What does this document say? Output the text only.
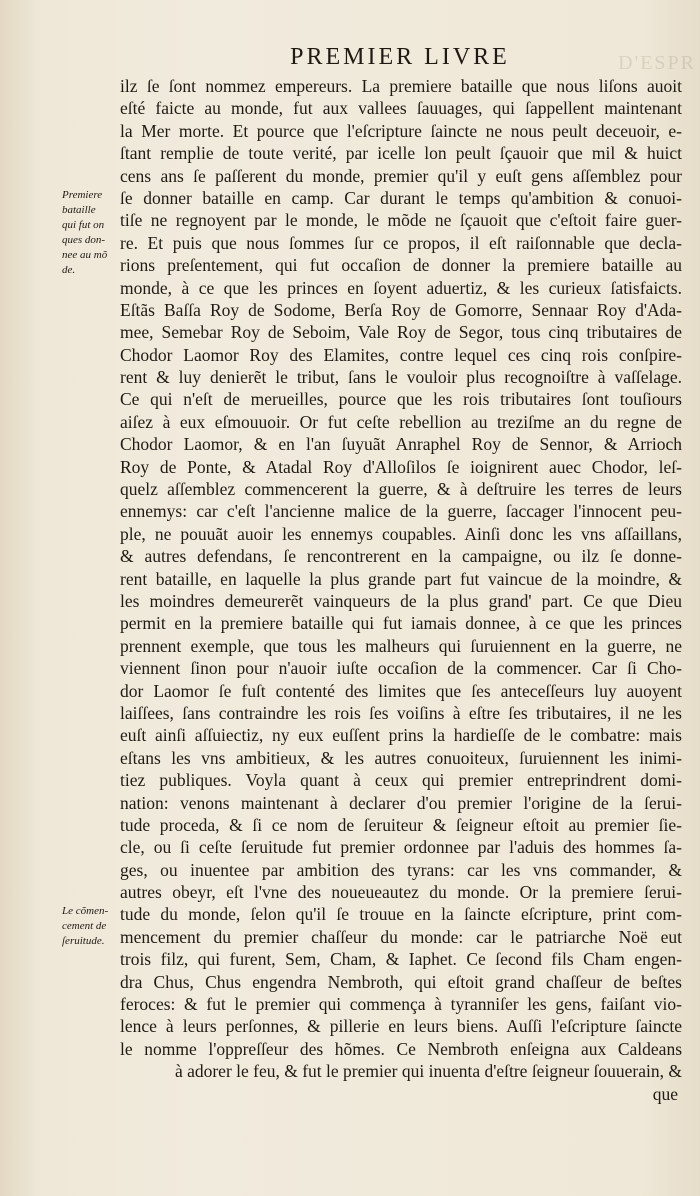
D'ESPR
PREMIER LIVRE
ilz ſe ſont nommez empereurs. La premiere bataille que nous liſons auoit
eſté faicte au monde, fut aux vallees ſauuages, qui ſappellent maintenant
la Mer morte. Et pource que l'eſcripture ſaincte ne nous peult deceuoir, e-
ſtant remplie de toute verité, par icelle lon peult ſçauoir que mil & huict
cens ans ſe paſſerent du monde, premier qu'il y euſt gens aſſemblez pour
ſe donner bataille en camp. Car durant le temps qu'ambition & conuoi-
tiſe ne regnoyent par le monde, le mõde ne ſçauoit que c'eſtoit faire guer-
re. Et puis que nous ſommes ſur ce propos, il eſt raiſonnable que decla-
rions preſentement, qui fut occaſion de donner la premiere bataille au
monde, à ce que les princes en ſoyent aduertiz, & les curieux ſatisfaicts.
Eſtãs Baſſa Roy de Sodome, Berſa Roy de Gomorre, Sennaar Roy d'Ada-
mee, Semebar Roy de Seboim, Vale Roy de Segor, tous cinq tributaires de
Chodor Laomor Roy des Elamites, contre lequel ces cinq rois conſpire-
rent & luy denierẽt le tribut, ſans le vouloir plus recognoiſtre à vaſſelage.
Ce qui n'eſt de merueilles, pource que les rois tributaires ſont touſiours
aiſez à eux eſmouuoir. Or fut ceſte rebellion au treziſme an du regne de
Chodor Laomor, & en l'an ſuyuãt Anraphel Roy de Sennor, & Arrioch
Roy de Ponte, & Atadal Roy d'Alloſilos ſe ioignirent auec Chodor, leſ-
quelz aſſemblez commencerent la guerre, & à deſtruire les terres de leurs
ennemys: car c'eſt l'ancienne malice de la guerre, ſaccager l'innocent peu-
ple, ne pouuãt auoir les ennemys coupables. Ainſi donc les vns aſſaillans,
& autres defendans, ſe rencontrerent en la campaigne, ou ilz ſe donne-
rent bataille, en laquelle la plus grande part fut vaincue de la moindre, &
les moindres demeurerẽt vainqueurs de la plus grand' part. Ce que Dieu
permit en la premiere bataille qui fut iamais donnee, à ce que les princes
prennent exemple, que tous les malheurs qui ſuruiennent en la guerre, ne
viennent ſinon pour n'auoir iuſte occaſion de la commencer. Car ſi Cho-
dor Laomor ſe fuſt contenté des limites que ſes anteceſſeurs luy auoyent
laiſſees, ſans contraindre les rois ſes voiſins à eſtre ſes tributaires, il ne les
euſt ainſi aſſuiectiz, ny eux euſſent prins la hardieſſe de le combatre: mais
eſtans les vns ambitieux, & les autres conuoiteux, ſuruiennent les inimi-
tiez publiques. Voyla quant à ceux qui premier entreprindrent domi-
nation: venons maintenant à declarer d'ou premier l'origine de la ſerui-
tude proceda, & ſi ce nom de ſeruiteur & ſeigneur eſtoit au premier ſie-
cle, ou ſi ceſte ſeruitude fut premier ordonnee par l'aduis des hommes ſa-
ges, ou inuentee par ambition des tyrans: car les vns commander, &
autres obeyr, eſt l'vne des noueueautez du monde. Or la premiere ſerui-
tude du monde, ſelon qu'il ſe trouue en la ſaincte eſcripture, print com-
mencement du premier chaſſeur du monde: car le patriarche Noë eut
trois filz, qui furent, Sem, Cham, & Iaphet. Ce ſecond fils Cham engen-
dra Chus, Chus engendra Nembroth, qui eſtoit grand chaſſeur de beſtes
feroces: & fut le premier qui commença à tyranniſer les gens, faiſant vio-
lence à leurs perſonnes, & pillerie en leurs biens. Auſſi l'eſcripture ſaincte
le nomme l'oppreſſeur des hõmes. Ce Nembroth enſeigna aux Caldeans
à adorer le feu, & fut le premier qui inuenta d'eſtre ſeigneur ſouuerain, &
Premiere
bataille
qui fut on
ques don-
nee au mõ
de.
Le cõmen-
cement de
ſeruitude.
que
